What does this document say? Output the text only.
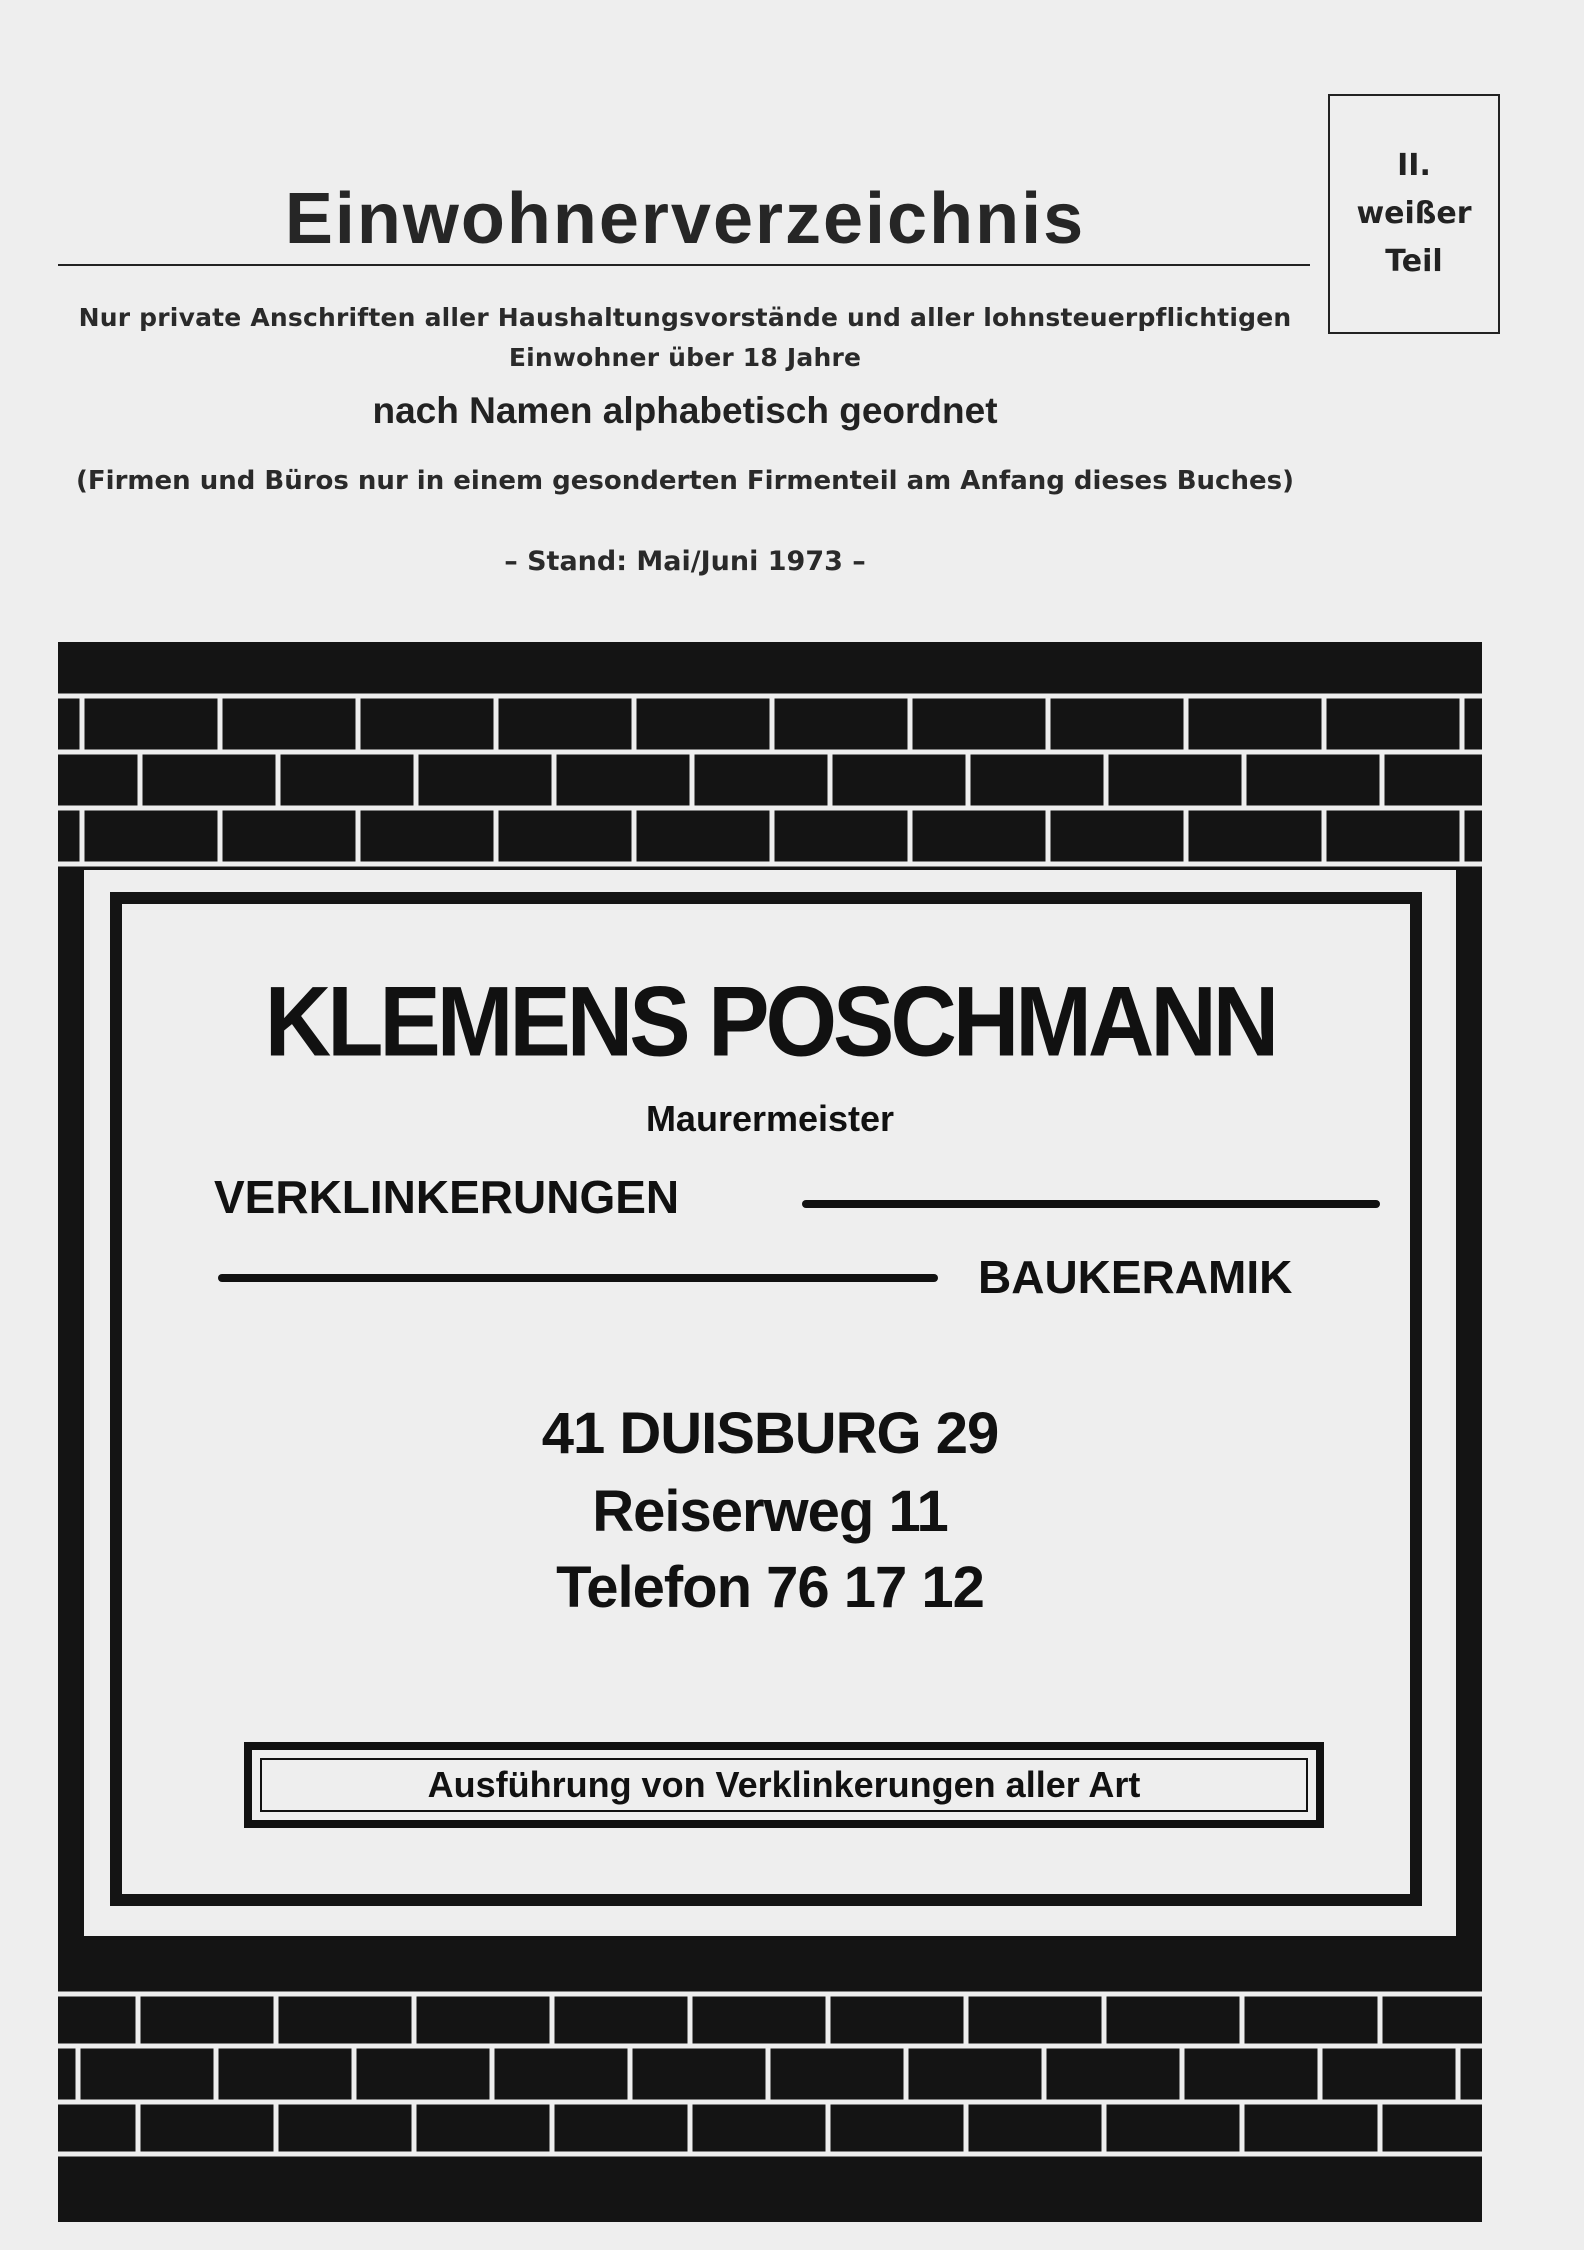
Einwohnerverzeichnis
Nur private Anschriften aller Haushaltungsvorstände und aller lohnsteuerpflichtigen
Einwohner über 18 Jahre
nach Namen alphabetisch geordnet
(Firmen und Büros nur in einem gesonderten Firmenteil am Anfang dieses Buches)
– Stand: Mai/Juni 1973 –
II.
weißer
Teil
KLEMENS POSCHMANN
Maurermeister
VERKLINKERUNGEN
BAUKERAMIK
41 DUISBURG 29
Reiserweg 11
Telefon 76 17 12
Ausführung von Verklinkerungen aller Art
